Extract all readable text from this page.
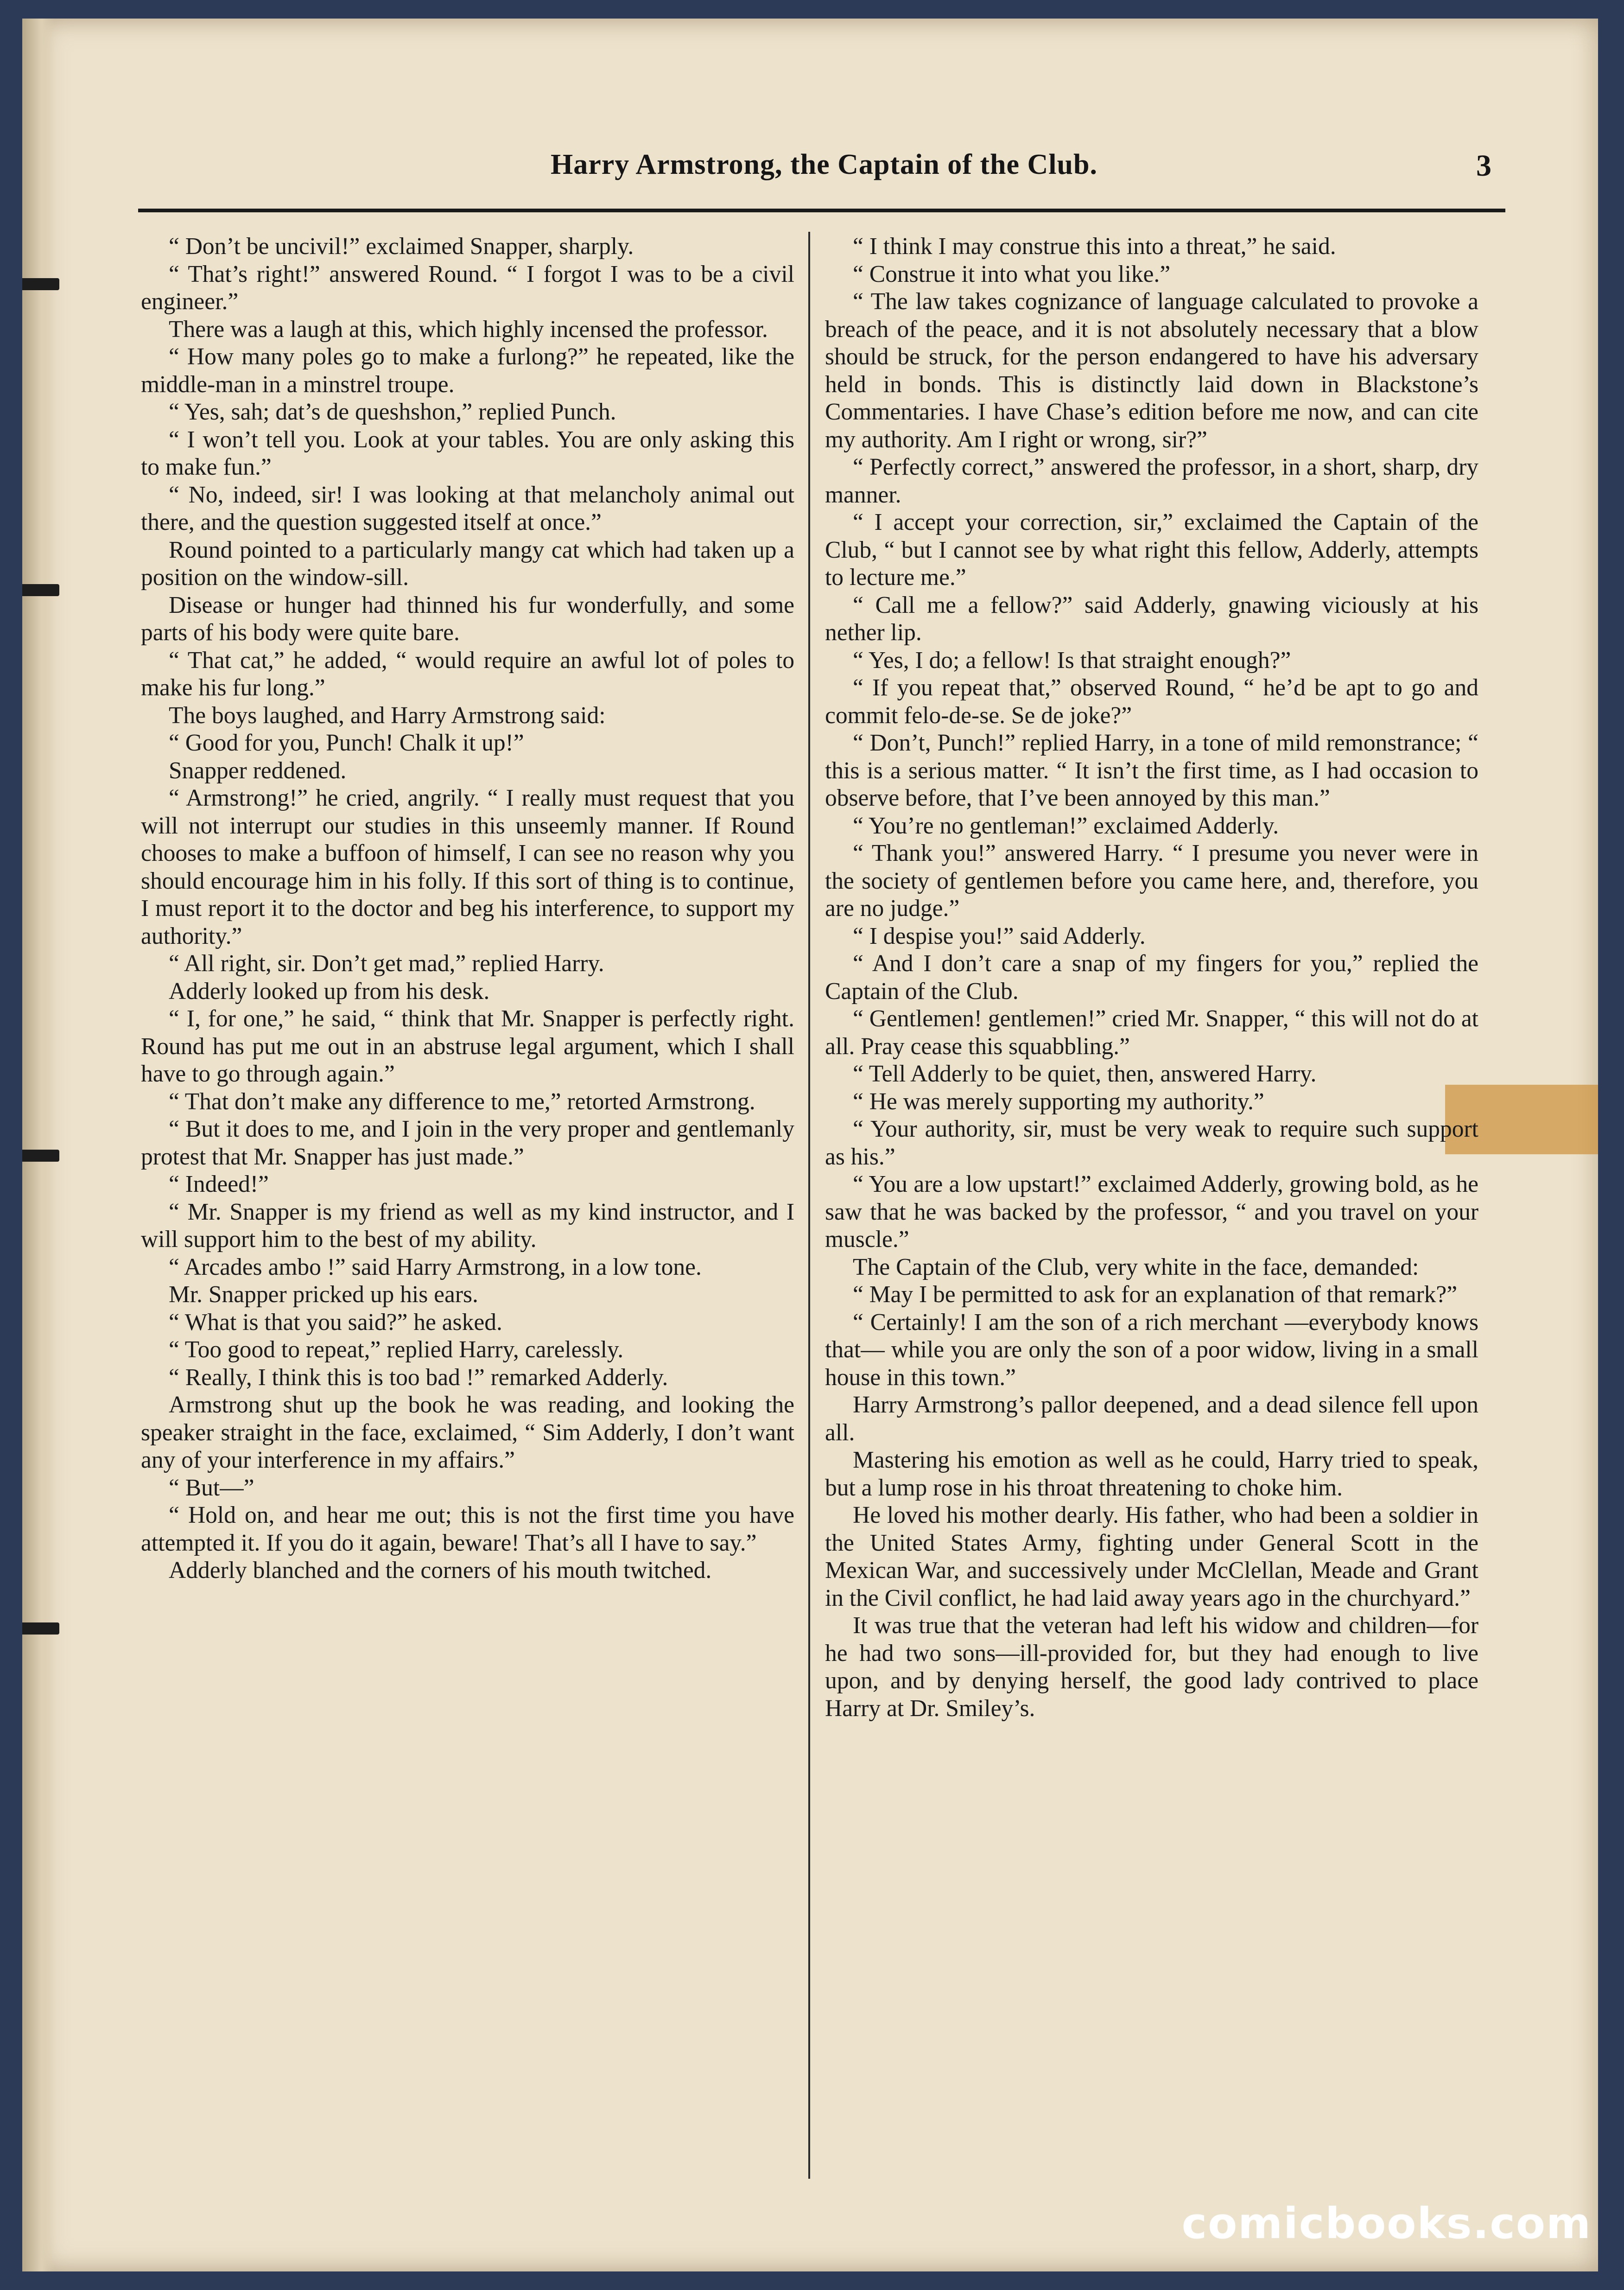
Harry Armstrong, the Captain of the Club.	3

“ Don’t be uncivil!” exclaimed Snapper, sharply.

“ That’s right!” answered Round. “ I forgot I was to be a civil engineer.”

There was a laugh at this, which highly incensed the professor.

“ How many poles go to make a furlong?” he repeated, like the middle-man in a minstrel troupe.

“ Yes, sah; dat’s de queshshon,” replied Punch.

“ I won’t tell you. Look at your tables. You are only asking this to make fun.”

“ No, indeed, sir! I was looking at that melancholy animal out there, and the question suggested itself at once.”

Round pointed to a particularly mangy cat which had taken up a position on the window-sill.

Disease or hunger had thinned his fur wonderfully, and some parts of his body were quite bare.

“ That cat,” he added, “ would require an awful lot of poles to make his fur long.”

The boys laughed, and Harry Armstrong said:

“ Good for you, Punch! Chalk it up!”

Snapper reddened.

“ Armstrong!” he cried, angrily. “ I really must request that you will not interrupt our studies in this unseemly manner. If Round chooses to make a buffoon of himself, I can see no reason why you should encourage him in his folly. If this sort of thing is to continue, I must report it to the doctor and beg his interference, to support my authority.”

“ All right, sir. Don’t get mad,” replied Harry.

Adderly looked up from his desk.

“ I, for one,” he said, “ think that Mr. Snapper is perfectly right. Round has put me out in an abstruse legal argument, which I shall have to go through again.”

“ That don’t make any difference to me,” retorted Armstrong.

“ But it does to me, and I join in the very proper and gentlemanly protest that Mr. Snapper has just made.”

“ Indeed!”

“ Mr. Snapper is my friend as well as my kind instructor, and I will support him to the best of my ability.

“ Arcades ambo !” said Harry Armstrong, in a low tone.

Mr. Snapper pricked up his ears.

“ What is that you said?” he asked.

“ Too good to repeat,” replied Harry, carelessly.

“ Really, I think this is too bad !” remarked Adderly.

Armstrong shut up the book he was reading, and looking the speaker straight in the face, exclaimed, “ Sim Adderly, I don’t want any of your interference in my affairs.”

“ But—”

“ Hold on, and hear me out; this is not the first time you have attempted it. If you do it again, beware! That’s all I have to say.”

Adderly blanched and the corners of his mouth twitched.

“ I think I may construe this into a threat,” he said.

“ Construe it into what you like.”

“ The law takes cognizance of language calculated to provoke a breach of the peace, and it is not absolutely necessary that a blow should be struck, for the person endangered to have his adversary held in bonds. This is distinctly laid down in Blackstone’s Commentaries. I have Chase’s edition before me now, and can cite my authority. Am I right or wrong, sir?”

“ Perfectly correct,” answered the professor, in a short, sharp, dry manner.

“ I accept your correction, sir,” exclaimed the Captain of the Club, “ but I cannot see by what right this fellow, Adderly, attempts to lecture me.”

“ Call me a fellow?” said Adderly, gnawing viciously at his nether lip.

“ Yes, I do; a fellow! Is that straight enough?”

“ If you repeat that,” observed Round, “ he’d be apt to go and commit felo-de-se. Se de joke?”

“ Don’t, Punch!” replied Harry, in a tone of mild remonstrance; “ this is a serious matter. “ It isn’t the first time, as I had occasion to observe before, that I’ve been annoyed by this man.”

“ You’re no gentleman!” exclaimed Adderly.

“ Thank you!” answered Harry. “ I presume you never were in the society of gentlemen before you came here, and, therefore, you are no judge.”

“ I despise you!” said Adderly.

“ And I don’t care a snap of my fingers for you,” replied the Captain of the Club.

“ Gentlemen! gentlemen!” cried Mr. Snapper, “ this will not do at all. Pray cease this squabbling.”

“ Tell Adderly to be quiet, then, answered Harry.

“ He was merely supporting my authority.”

“ Your authority, sir, must be very weak to require such support as his.”

“ You are a low upstart!” exclaimed Adderly, growing bold, as he saw that he was backed by the professor, “ and you travel on your muscle.”

The Captain of the Club, very white in the face, demanded:

“ May I be permitted to ask for an explanation of that remark?”

“ Certainly! I am the son of a rich merchant —everybody knows that— while you are only the son of a poor widow, living in a small house in this town.”

Harry Armstrong’s pallor deepened, and a dead silence fell upon all.

Mastering his emotion as well as he could, Harry tried to speak, but a lump rose in his throat threatening to choke him.

He loved his mother dearly. His father, who had been a soldier in the United States Army, fighting under General Scott in the Mexican War, and successively under McClellan, Meade and Grant in the Civil conflict, he had laid away years ago in the churchyard.”

It was true that the veteran had left his widow and children—for he had two sons—ill-provided for, but they had enough to live upon, and by denying herself, the good lady contrived to place Harry at Dr. Smiley’s.

comicbooks.com
